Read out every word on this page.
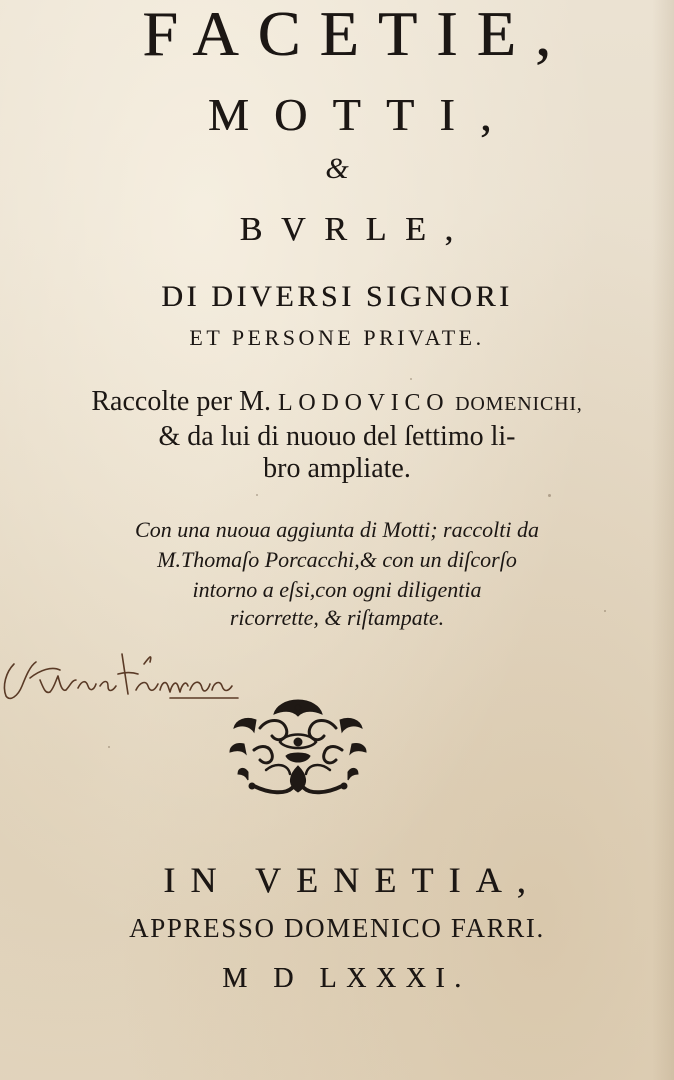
FACETIE,
MOTTI,
&
BVRLE,
DI DIVERSI SIGNORI
ET PERSONE PRIVATE.
Raccolte per M. LODOVICO DOMENICHI,
& da lui di nuouo del ſettimo li-
bro ampliate.
Con una nuoua aggiunta di Motti; raccolti da
M.Thomaſo Porcacchi,& con un diſcorſo
intorno a eſsi,con ogni diligentia
ricorrette, & riſtampate.
IN VENETIA,
APPRESSO DOMENICO FARRI.
M D LXXXI.
